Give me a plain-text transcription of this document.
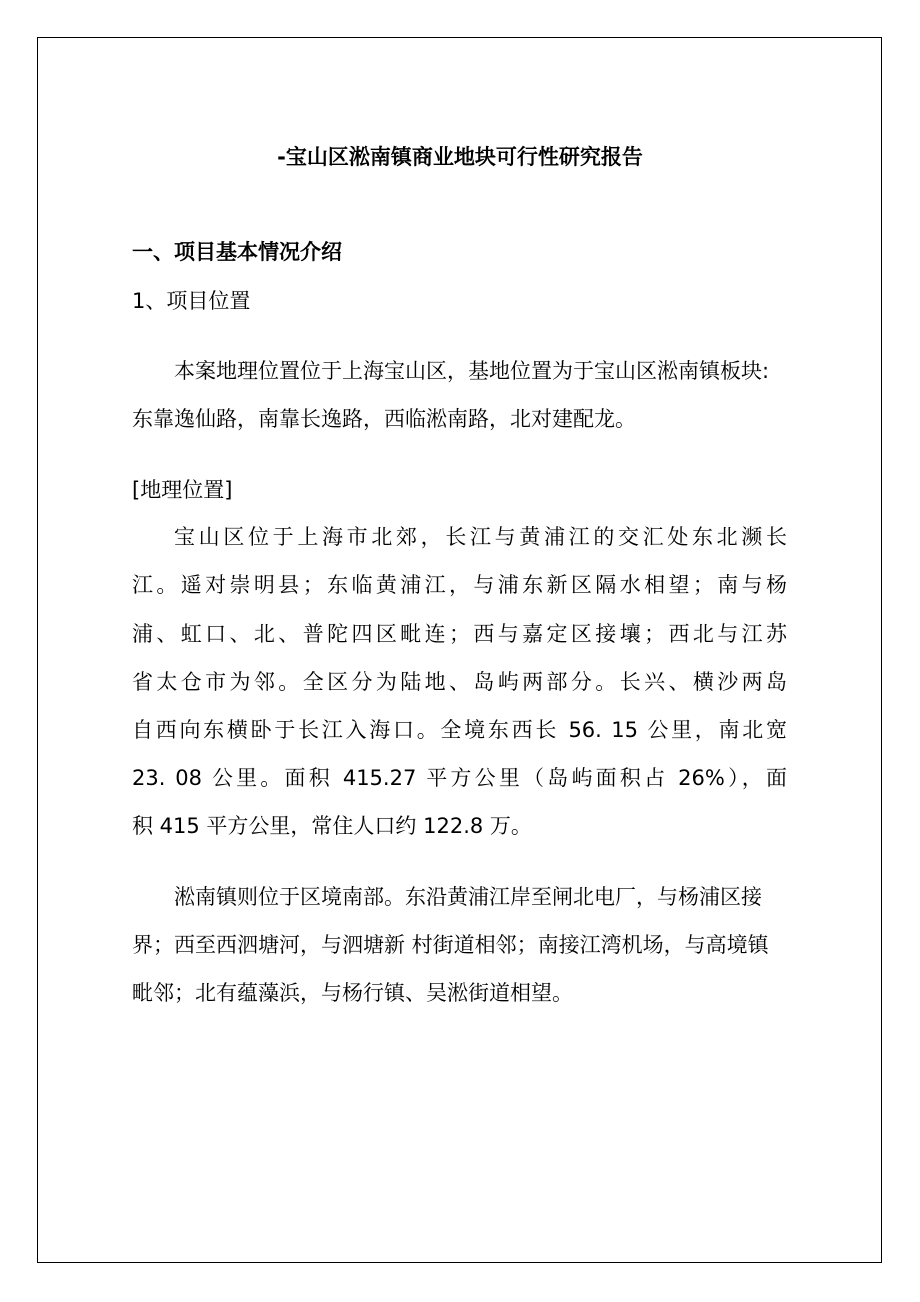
-宝山区淞南镇商业地块可行性研究报告
一、项目基本情况介绍
1、项目位置
本案地理位置位于上海宝山区，基地位置为于宝山区淞南镇板块:
东靠逸仙路，南靠长逸路，西临淞南路，北对建配龙。
[地理位置]
宝山区位于上海市北郊，长江与黄浦江的交汇处东北濒长
江。遥对崇明县；东临黄浦江，与浦东新区隔水相望；南与杨
浦、虹口、北、普陀四区毗连；西与嘉定区接壤；西北与江苏
省太仓市为邻。全区分为陆地、岛屿两部分。长兴、横沙两岛
自西向东横卧于长江入海口。全境东西长 56. 15 公里，南北宽
23. 08 公里。面积 415.27 平方公里（岛屿面积占 26%），面
积 415 平方公里，常住人口约 122.8 万。
淞南镇则位于区境南部。东沿黄浦江岸至闸北电厂，与杨浦区接
界；西至西泗塘河，与泗塘新 村街道相邻；南接江湾机场，与高境镇
毗邻；北有蕴藻浜，与杨行镇、吴淞街道相望。
